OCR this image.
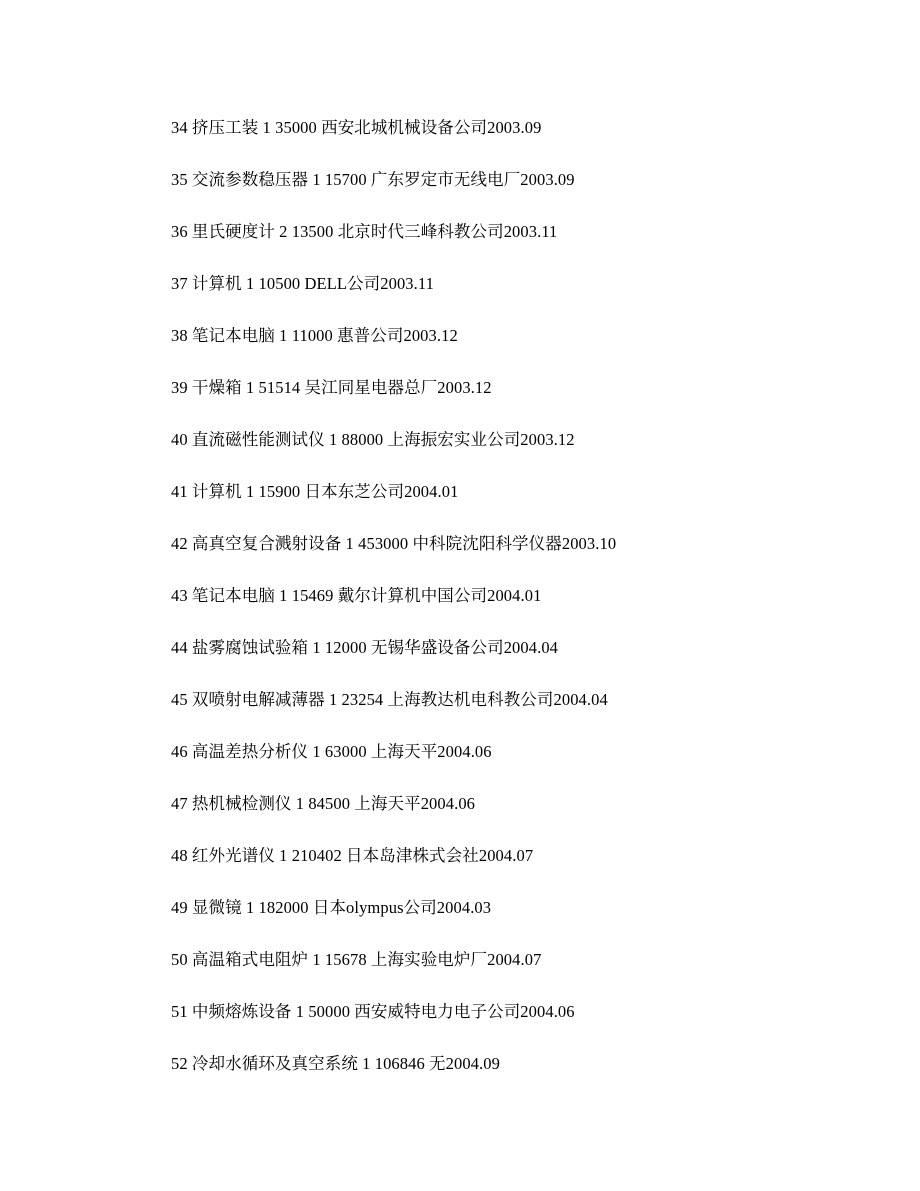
34 挤压工装 1 35000 西安北城机械设备公司2003.09
35 交流参数稳压器 1 15700 广东罗定市无线电厂2003.09
36 里氏硬度计 2 13500 北京时代三峰科教公司2003.11
37 计算机 1 10500 DELL公司2003.11
38 笔记本电脑 1 11000 惠普公司2003.12
39 干燥箱 1 51514 吴江同星电器总厂2003.12
40 直流磁性能测试仪 1 88000 上海振宏实业公司2003.12
41 计算机 1 15900 日本东芝公司2004.01
42 高真空复合溅射设备 1 453000 中科院沈阳科学仪器2003.10
43 笔记本电脑 1 15469 戴尔计算机中国公司2004.01
44 盐雾腐蚀试验箱 1 12000 无锡华盛设备公司2004.04
45 双喷射电解减薄器 1 23254 上海教达机电科教公司2004.04
46 高温差热分析仪 1 63000 上海天平2004.06
47 热机械检测仪 1 84500 上海天平2004.06
48 红外光谱仪 1 210402 日本岛津株式会社2004.07
49 显微镜 1 182000 日本olympus公司2004.03
50 高温箱式电阻炉 1 15678 上海实验电炉厂2004.07
51 中频熔炼设备 1 50000 西安威特电力电子公司2004.06
52 冷却水循环及真空系统 1 106846 无2004.09
